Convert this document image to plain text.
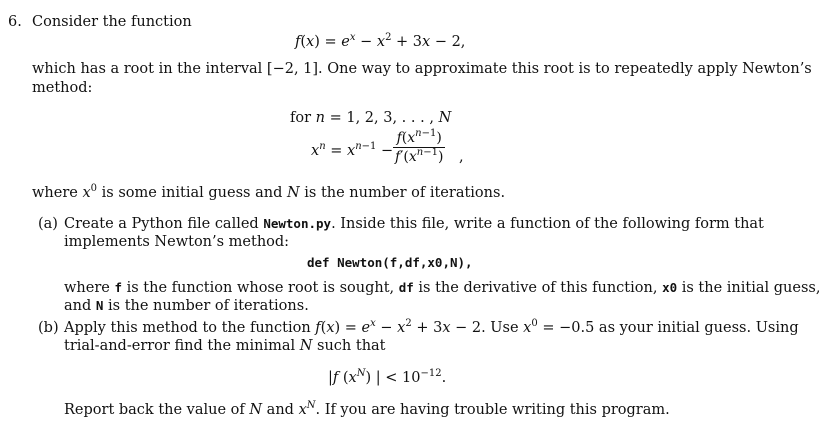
6. Consider the function
$f(x) = e^x - x^2 + 3x - 2$,
which has a root in the interval [−2, 1]. One way to approximate this root is to repeatedly apply Newton’s
method:
for n = 1, 2, 3, . . . , N
$x^n = x^{n-1}$ −
$f(x^{n-1})$
$f'(x^{n-1})$ ,
where $x^0$ is some initial guess and N is the number of iterations.
(a) Create a Python file called Newton.py. Inside this file, write a function of the following form that
implements Newton’s method:
def Newton(f,df,x0,N),
where f is the function whose root is sought, df is the derivative of this function, x0 is the initial guess,
and N is the number of iterations.
(b) Apply this method to the function $f(x) = e^x - x^2 + 3x - 2$. Use $x^0 = -0.5$ as your initial guess. Using
trial-and-error find the minimal N such that
|f $(x^N)$ | < $10^{-12}$.
Report back the value of N and $x^N$. If you are having trouble writing this program.
